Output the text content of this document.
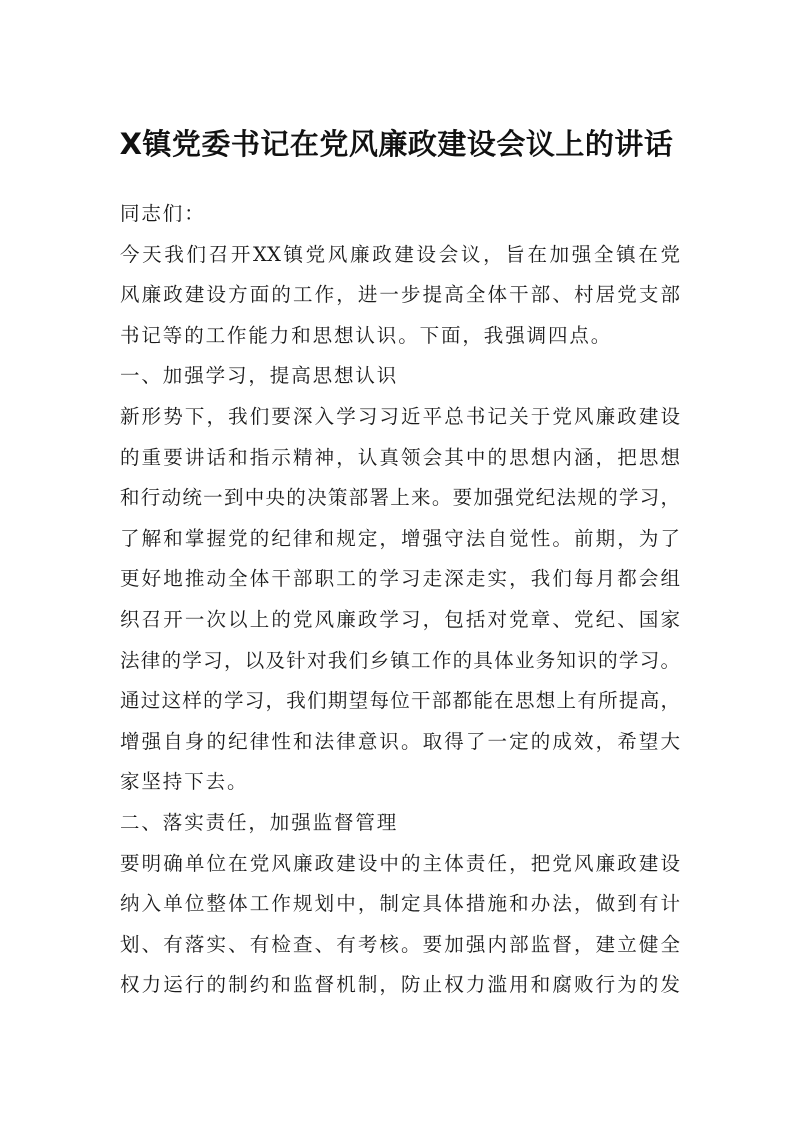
X镇党委书记在党风廉政建设会议上的讲话
同志们：
今天我们召开XX镇党风廉政建设会议，旨在加强全镇在党
风廉政建设方面的工作，进一步提高全体干部、村居党支部
书记等的工作能力和思想认识。下面，我强调四点。
一、加强学习，提高思想认识
新形势下，我们要深入学习习近平总书记关于党风廉政建设
的重要讲话和指示精神，认真领会其中的思想内涵，把思想
和行动统一到中央的决策部署上来。要加强党纪法规的学习，
了解和掌握党的纪律和规定，增强守法自觉性。前期，为了
更好地推动全体干部职工的学习走深走实，我们每月都会组
织召开一次以上的党风廉政学习，包括对党章、党纪、国家
法律的学习，以及针对我们乡镇工作的具体业务知识的学习。
通过这样的学习，我们期望每位干部都能在思想上有所提高，
增强自身的纪律性和法律意识。取得了一定的成效，希望大
家坚持下去。
二、落实责任，加强监督管理
要明确单位在党风廉政建设中的主体责任，把党风廉政建设
纳入单位整体工作规划中，制定具体措施和办法，做到有计
划、有落实、有检查、有考核。要加强内部监督，建立健全
权力运行的制约和监督机制，防止权力滥用和腐败行为的发
